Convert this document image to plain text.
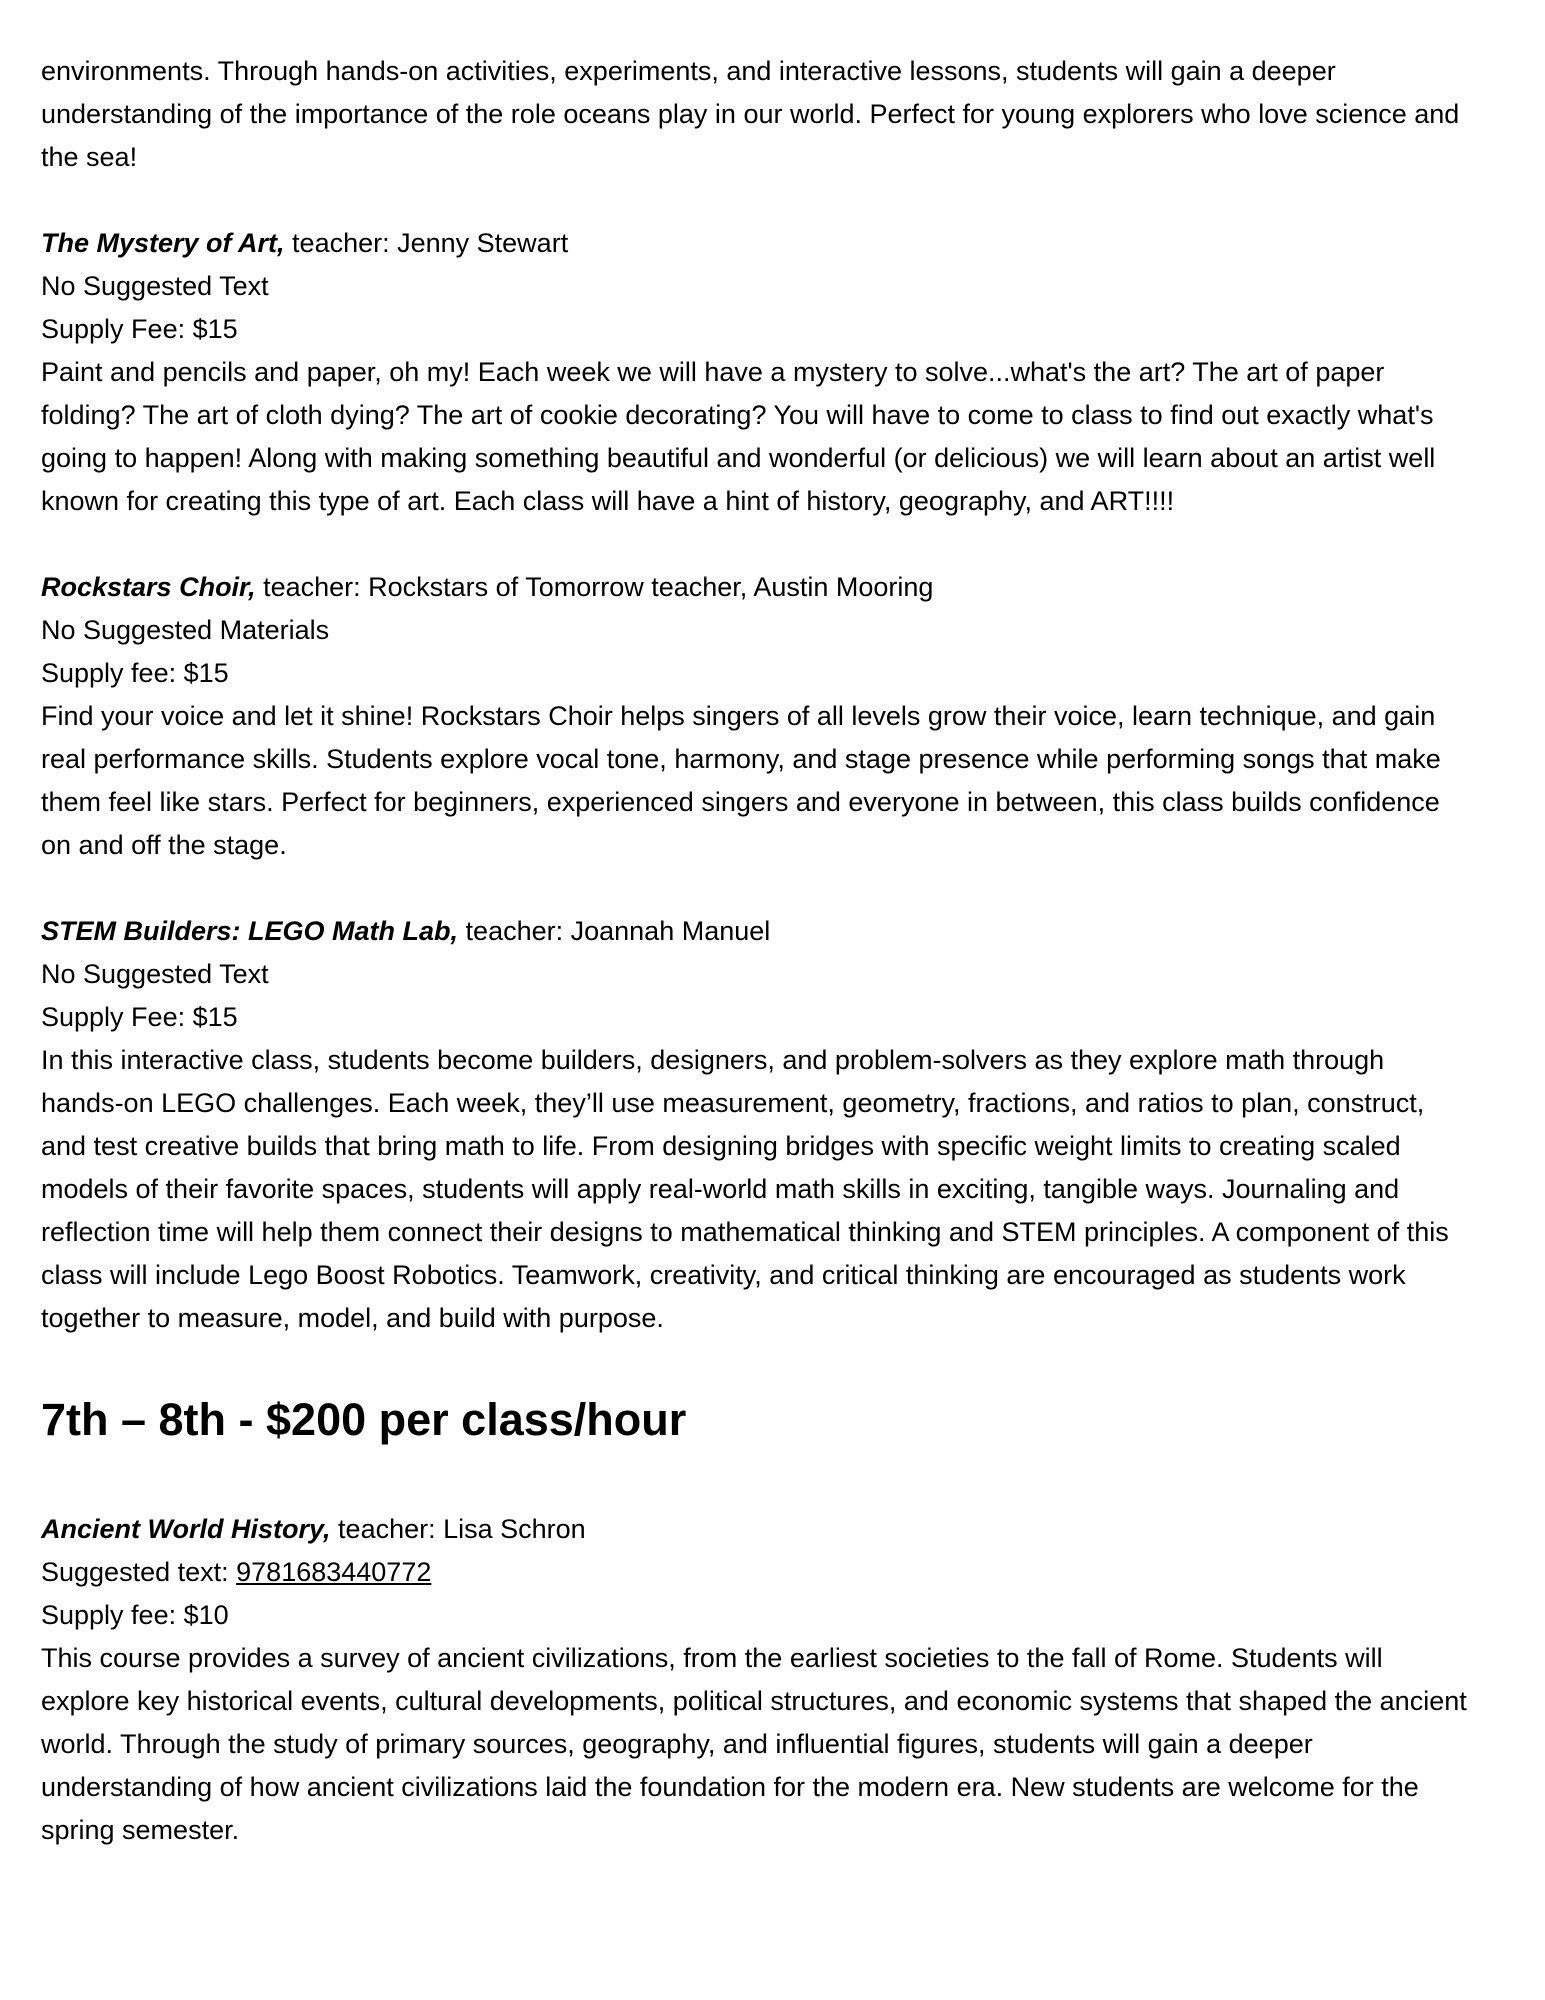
environments. Through hands-on activities, experiments, and interactive lessons, students will gain a deeper understanding of the importance of the role oceans play in our world. Perfect for young explorers who love science and the sea!

The Mystery of Art, teacher: Jenny Stewart
No Suggested Text
Supply Fee: $15
Paint and pencils and paper, oh my! Each week we will have a mystery to solve...what's the art? The art of paper folding? The art of cloth dying? The art of cookie decorating? You will have to come to class to find out exactly what's going to happen! Along with making something beautiful and wonderful (or delicious) we will learn about an artist well known for creating this type of art. Each class will have a hint of history, geography, and ART!!!!
Rockstars Choir, teacher: Rockstars of Tomorrow teacher, Austin Mooring
No Suggested Materials
Supply fee: $15
Find your voice and let it shine! Rockstars Choir helps singers of all levels grow their voice, learn technique, and gain real performance skills. Students explore vocal tone, harmony, and stage presence while performing songs that make them feel like stars. Perfect for beginners, experienced singers and everyone in between, this class builds confidence on and off the stage.
STEM Builders: LEGO Math Lab, teacher: Joannah Manuel
No Suggested Text
Supply Fee: $15
In this interactive class, students become builders, designers, and problem-solvers as they explore math through hands-on LEGO challenges. Each week, they’ll use measurement, geometry, fractions, and ratios to plan, construct, and test creative builds that bring math to life. From designing bridges with specific weight limits to creating scaled models of their favorite spaces, students will apply real-world math skills in exciting, tangible ways. Journaling and reflection time will help them connect their designs to mathematical thinking and STEM principles. A component of this class will include Lego Boost Robotics. Teamwork, creativity, and critical thinking are encouraged as students work together to measure, model, and build with purpose.
7th – 8th - $200 per class/hour
Ancient World History, teacher: Lisa Schron
Suggested text: 9781683440772
Supply fee: $10
This course provides a survey of ancient civilizations, from the earliest societies to the fall of Rome. Students will explore key historical events, cultural developments, political structures, and economic systems that shaped the ancient world. Through the study of primary sources, geography, and influential figures, students will gain a deeper understanding of how ancient civilizations laid the foundation for the modern era. New students are welcome for the spring semester.
